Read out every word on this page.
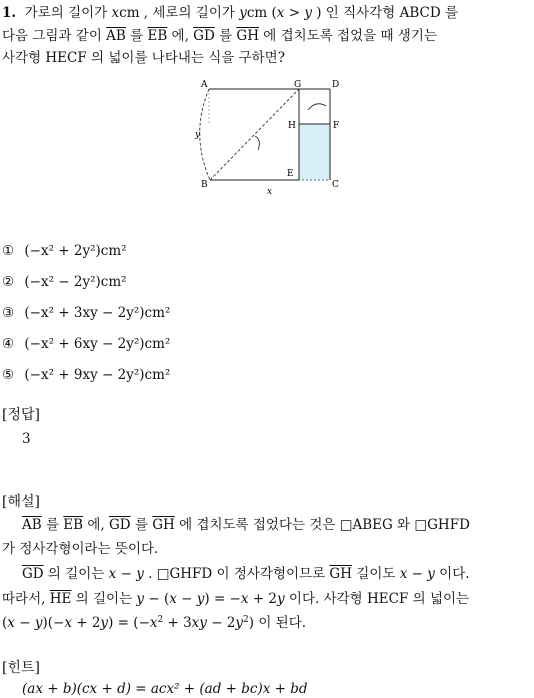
1.  가로의 길이가 xcm , 세로의 길이가 ycm (x > y ) 인 직사각형 ABCD 를
다음 그림과 같이 $\overline{AB}$ 를 $\overline{EB}$ 에, $\overline{GD}$ 를 $\overline{GH}$ 에 겹치도록 접었을 때 생기는
사각형 HECF 의 넓이를 나타내는 식을 구하면?
A	G	D
H	F
E
B	C
y
x
① (−x² + 2y²)cm²
② (−x² − 2y²)cm²
③ (−x² + 3xy − 2y²)cm²
④ (−x² + 6xy − 2y²)cm²
⑤ (−x² + 9xy − 2y²)cm²
[정답]
3
[해설]
$\overline{AB}$ 를 $\overline{EB}$ 에, $\overline{GD}$ 를 $\overline{GH}$ 에 겹치도록 접었다는 것은 □ABEG 와 □GHFD
가 정사각형이라는 뜻이다.
$\overline{GD}$ 의 길이는 x − y . □GHFD 이 정사각형이므로 $\overline{GH}$ 길이도 x − y 이다.
따라서, $\overline{HE}$ 의 길이는 y − (x − y) = −x + 2y 이다. 사각형 HECF 의 넓이는
$(x - y)(-x + 2y) = (-x^2 + 3xy - 2y^2)$ 이 된다.
[힌트]
(ax + b)(cx + d) = acx² + (ad + bc)x + bd
